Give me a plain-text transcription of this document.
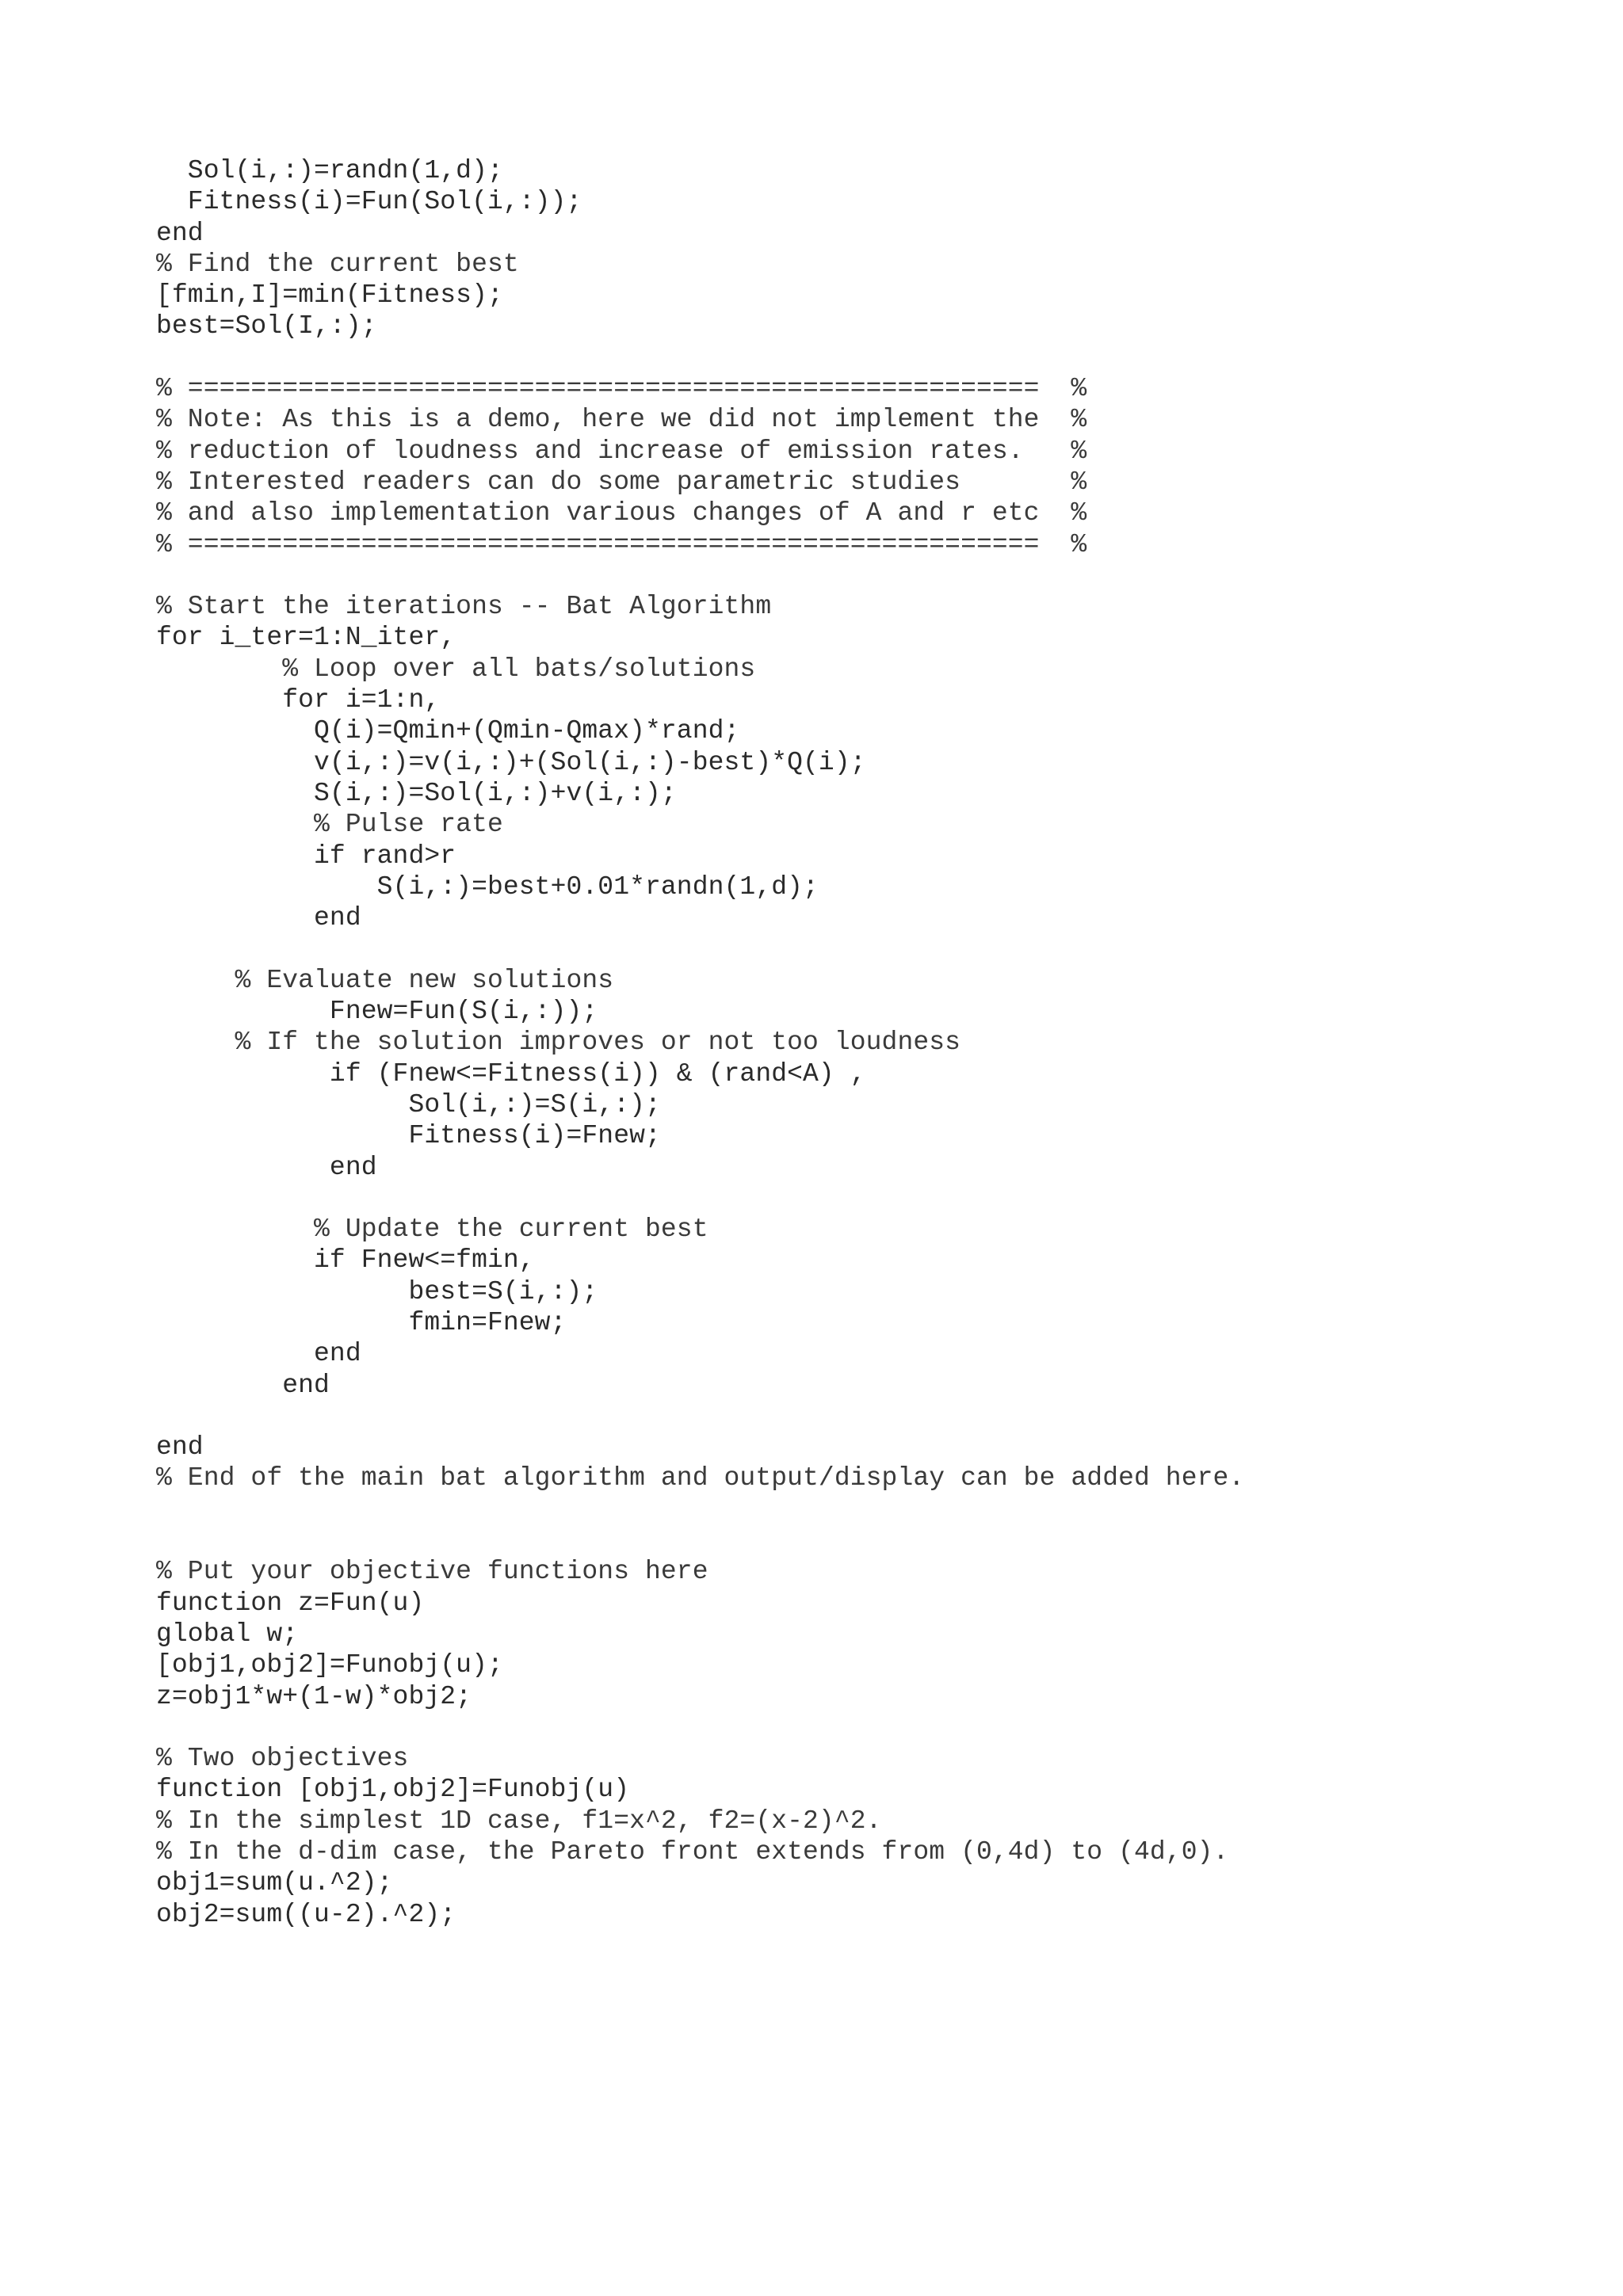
Sol(i,:)=randn(1,d);
Fitness(i)=Fun(Sol(i,:));
end
% Find the current best
[fmin,I]=min(Fitness);
best=Sol(I,:);

% ======================================================  %
% Note: As this is a demo, here we did not implement the  %
% reduction of loudness and increase of emission rates.   %
% Interested readers can do some parametric studies       %
% and also implementation various changes of A and r etc  %
% ======================================================  %

% Start the iterations -- Bat Algorithm
for i_ter=1:N_iter,
% Loop over all bats/solutions
for i=1:n,
Q(i)=Qmin+(Qmin-Qmax)*rand;
v(i,:)=v(i,:)+(Sol(i,:)-best)*Q(i);
S(i,:)=Sol(i,:)+v(i,:);
% Pulse rate
if rand>r
S(i,:)=best+0.01*randn(1,d);
end

% Evaluate new solutions
Fnew=Fun(S(i,:));
% If the solution improves or not too loudness
if (Fnew<=Fitness(i)) & (rand<A) ,
Sol(i,:)=S(i,:);
Fitness(i)=Fnew;
end

% Update the current best
if Fnew<=fmin,
best=S(i,:);
fmin=Fnew;
end
end

end
% End of the main bat algorithm and output/display can be added here.

% Put your objective functions here
function z=Fun(u)
global w;
[obj1,obj2]=Funobj(u);
z=obj1*w+(1-w)*obj2;

% Two objectives
function [obj1,obj2]=Funobj(u)
% In the simplest 1D case, f1=x^2, f2=(x-2)^2.
% In the d-dim case, the Pareto front extends from (0,4d) to (4d,0).
obj1=sum(u.^2);
obj2=sum((u-2).^2);
